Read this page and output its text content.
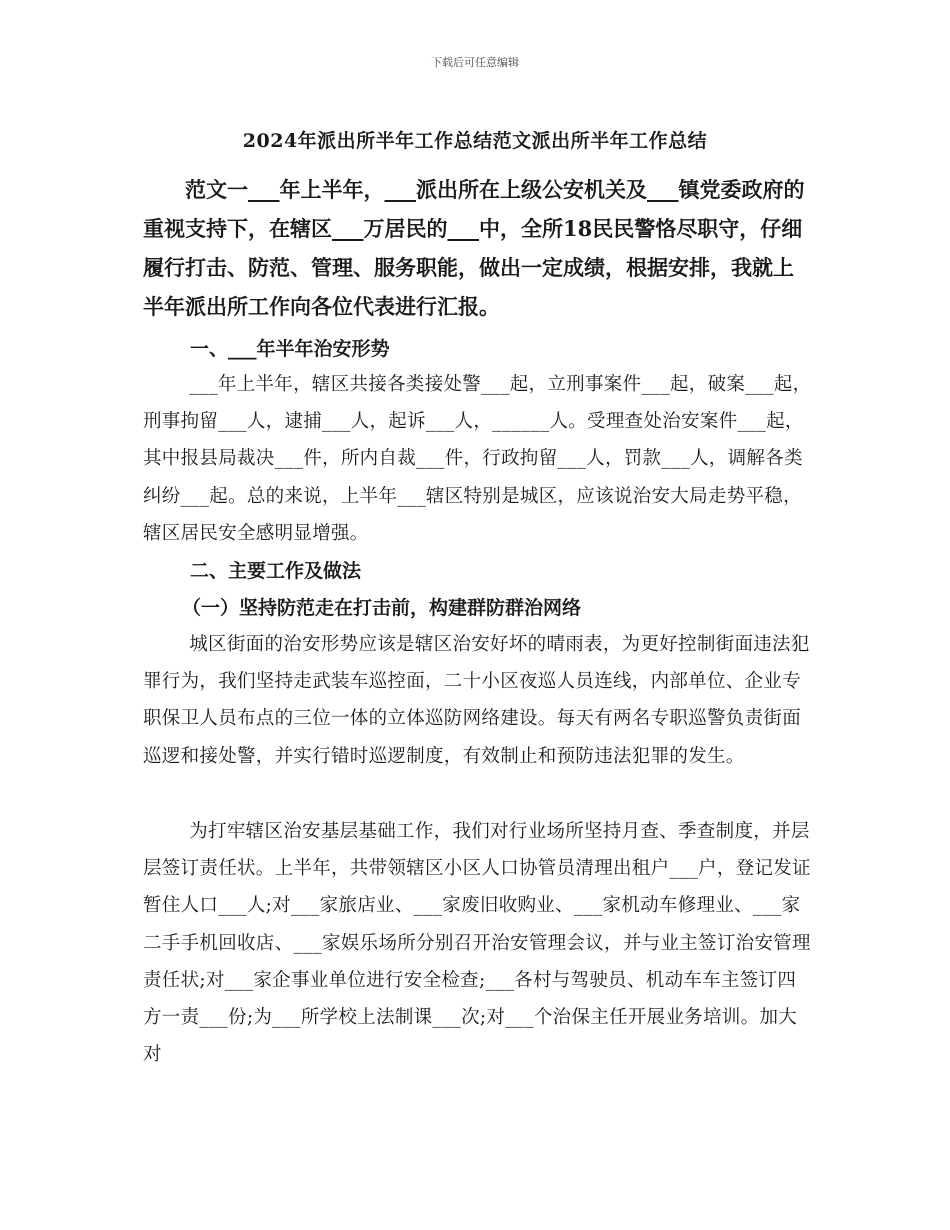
下载后可任意编辑
2024年派出所半年工作总结范文派出所半年工作总结

范文一___年上半年，___派出所在上级公安机关及___镇党委政府的重视支持下，在辖区___万居民的___中，全所18民民警恪尽职守，仔细履行打击、防范、管理、服务职能，做出一定成绩，根据安排，我就上半年派出所工作向各位代表进行汇报。

一、___年半年治安形势

___年上半年，辖区共接各类接处警___起，立刑事案件___起，破案___起，刑事拘留___人，逮捕___人，起诉___人，______人。受理查处治安案件___起，其中报县局裁决___件，所内自裁___件，行政拘留___人，罚款___人，调解各类纠纷___起。总的来说，上半年___辖区特别是城区，应该说治安大局走势平稳，辖区居民安全感明显增强。

二、主要工作及做法
（一）坚持防范走在打击前，构建群防群治网络

城区街面的治安形势应该是辖区治安好坏的晴雨表，为更好控制街面违法犯罪行为，我们坚持走武装车巡控面，二十小区夜巡人员连线，内部单位、企业专职保卫人员布点的三位一体的立体巡防网络建设。每天有两名专职巡警负责街面巡逻和接处警，并实行错时巡逻制度，有效制止和预防违法犯罪的发生。

为打牢辖区治安基层基础工作，我们对行业场所坚持月查、季查制度，并层层签订责任状。上半年，共带领辖区小区人口协管员清理出租户___户，登记发证暂住人口___人;对___家旅店业、___家废旧收购业、___家机动车修理业、___家二手手机回收店、___家娱乐场所分别召开治安管理会议，并与业主签订治安管理责任状;对___家企事业单位进行安全检查;___各村与驾驶员、机动车车主签订四方一责___份;为___所学校上法制课___次;对___个治保主任开展业务培训。加大对
